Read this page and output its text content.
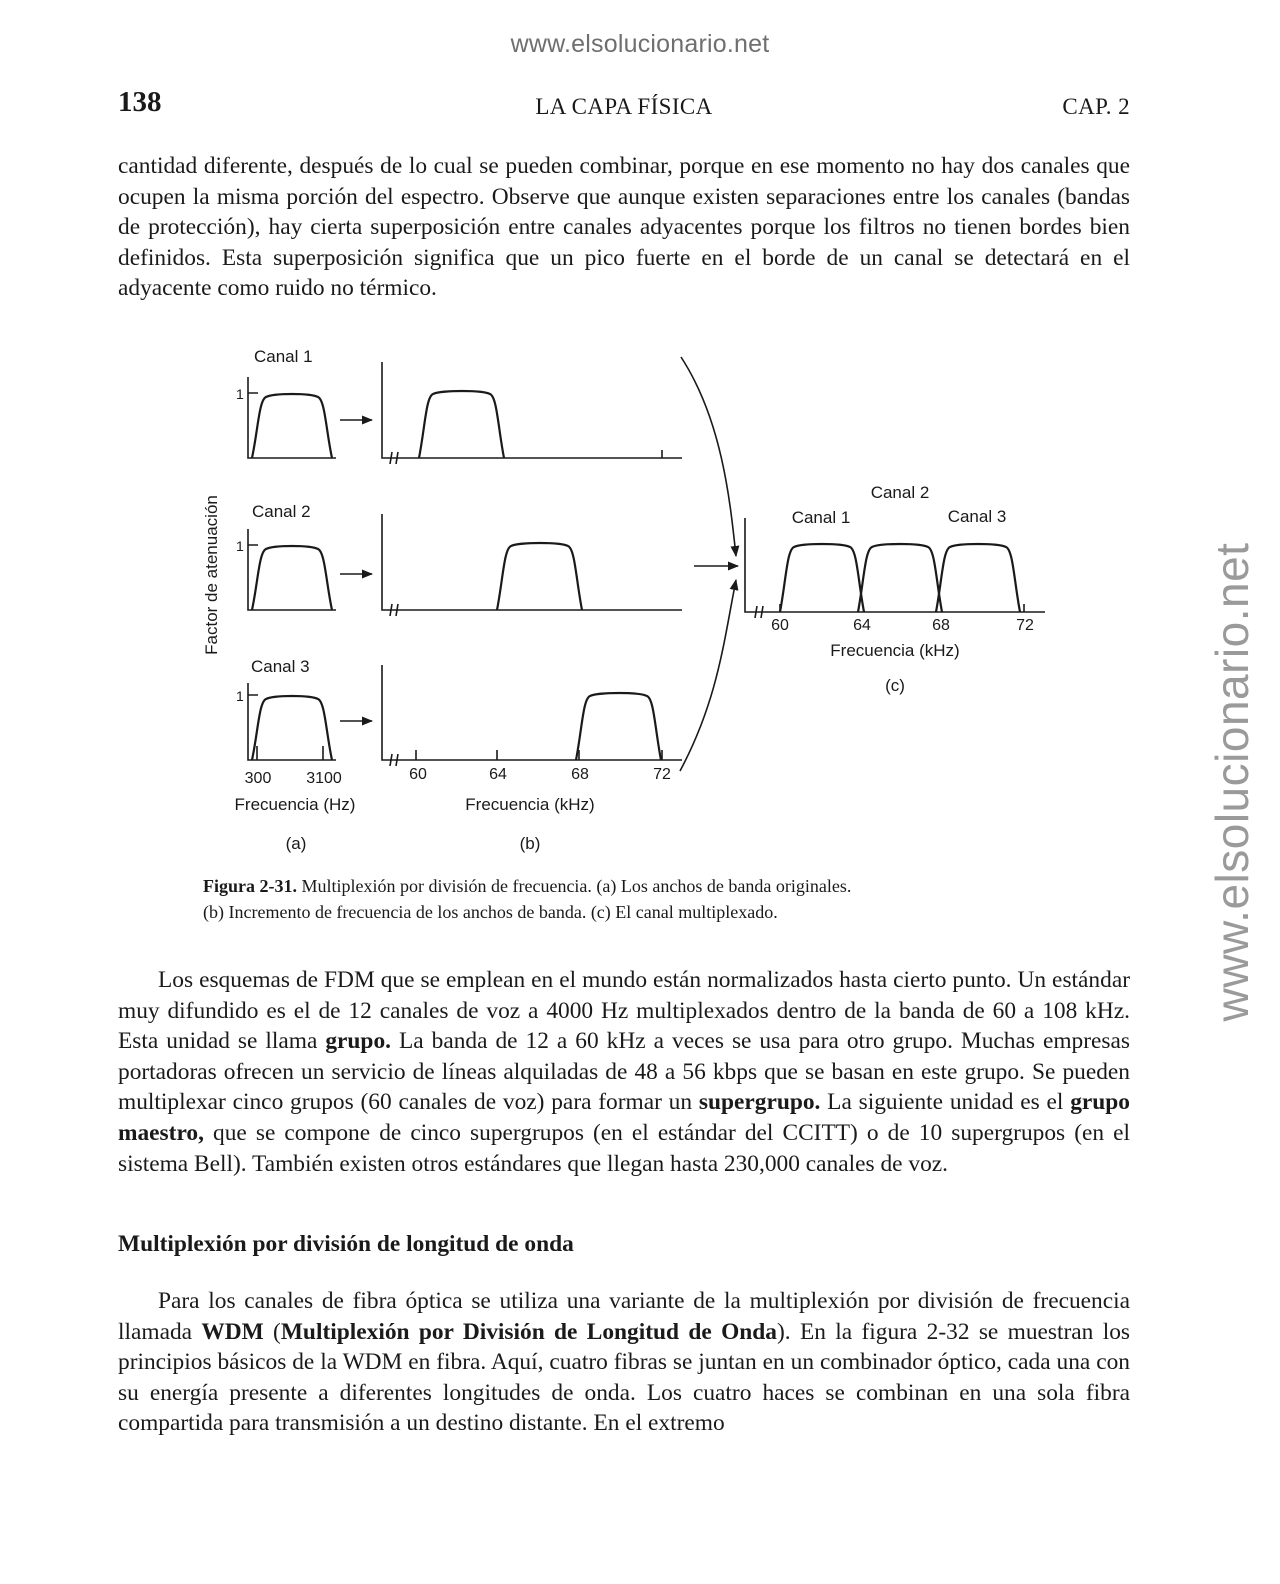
www.elsolucionario.net
www.elsolucionario.net
138	LA CAPA FÍSICA	CAP. 2

cantidad diferente, después de lo cual se pueden combinar, porque en ese momento no hay dos canales que ocupen la misma porción del espectro. Observe que aunque existen separaciones entre los canales (bandas de protección), hay cierta superposición entre canales adyacentes porque los filtros no tienen bordes bien definidos. Esta superposición significa que un pico fuerte en el borde de un canal se detectará en el adyacente como ruido no térmico.

Factor de atenuación
Canal 1
Canal 2
Canal 3
1
1
1
300 3100
Frecuencia (Hz)
(a)
60	64	68	72
Frecuencia (kHz)
(b)
Canal 1
Canal 2
Canal 3
60	64	68	72
Frecuencia (kHz)
(c)

Figura 2-31. Multiplexión por división de frecuencia. (a) Los anchos de banda originales.
(b) Incremento de frecuencia de los anchos de banda. (c) El canal multiplexado.

Los esquemas de FDM que se emplean en el mundo están normalizados hasta cierto punto. Un estándar muy difundido es el de 12 canales de voz a 4000 Hz multiplexados dentro de la banda de 60 a 108 kHz. Esta unidad se llama grupo. La banda de 12 a 60 kHz a veces se usa para otro grupo. Muchas empresas portadoras ofrecen un servicio de líneas alquiladas de 48 a 56 kbps que se basan en este grupo. Se pueden multiplexar cinco grupos (60 canales de voz) para formar un supergrupo. La siguiente unidad es el grupo maestro, que se compone de cinco supergrupos (en el estándar del CCITT) o de 10 supergrupos (en el sistema Bell). También existen otros estándares que llegan hasta 230,000 canales de voz.

Multiplexión por división de longitud de onda

Para los canales de fibra óptica se utiliza una variante de la multiplexión por división de frecuencia llamada WDM (Multiplexión por División de Longitud de Onda). En la figura 2-32 se muestran los principios básicos de la WDM en fibra. Aquí, cuatro fibras se juntan en un combinador óptico, cada una con su energía presente a diferentes longitudes de onda. Los cuatro haces se combinan en una sola fibra compartida para transmisión a un destino distante. En el extremo
